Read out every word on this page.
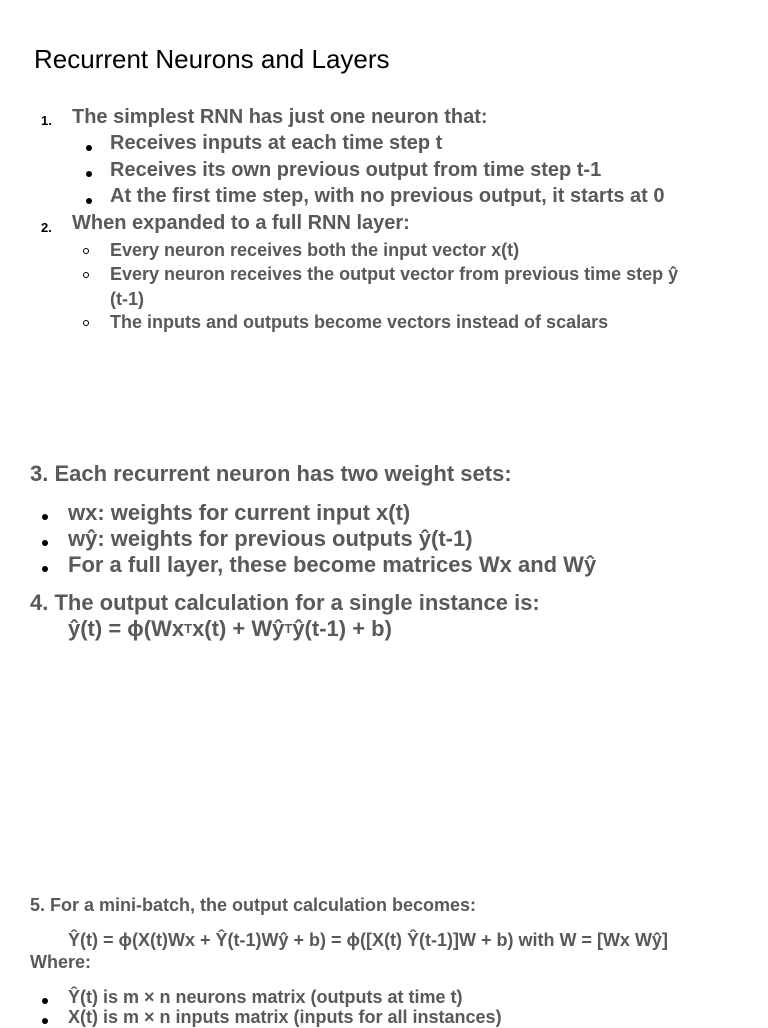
Recurrent Neurons and Layers
1. The simplest RNN has just one neuron that:
Receives inputs at each time step t
Receives its own previous output from time step t-1
At the first time step, with no previous output, it starts at 0
2. When expanded to a full RNN layer:
Every neuron receives both the input vector x(t)
Every neuron receives the output vector from previous time step ŷ
(t-1)
The inputs and outputs become vectors instead of scalars
3. Each recurrent neuron has two weight sets:
wx: weights for current input x(t)
wŷ: weights for previous outputs ŷ(t-1)
For a full layer, these become matrices Wx and Wŷ
4. The output calculation for a single instance is:
ŷ(t) = $\phi(Wx^Tx(t)$ + $Wŷ^Tŷ(t-1) + b$)
5. For a mini-batch, the output calculation becomes:
Ŷ(t) = ϕ(X(t)Wx + Ŷ(t-1)Wŷ + b) = ϕ([X(t) Ŷ(t-1)]W + b) with W = [Wx Wŷ]
Where:
Ŷ(t) is m × n neurons matrix (outputs at time t)
X(t) is m × n inputs matrix (inputs for all instances)
